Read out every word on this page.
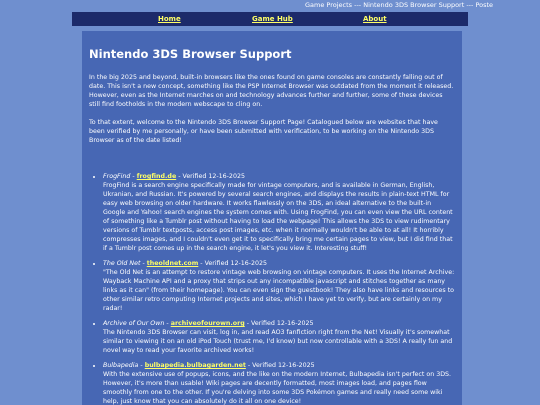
Game Projects --- Nintendo 3DS Browser Support --- Poste
Home	Game Hub	About
Nintendo 3DS Browser Support

In the big 2025 and beyond, built-in browsers like the ones found on game consoles are constantly falling out of date. This isn't a new concept, something like the PSP Internet Browser was outdated from the moment it released. However, even as the Internet marches on and technology advances further and further, some of these devices still find footholds in the modern webscape to cling on.

To that extent, welcome to the Nintendo 3DS Browser Support Page! Catalogued below are websites that have been verified by me personally, or have been submitted with verification, to be working on the Nintendo 3DS Browser as of the date listed!

• FrogFind - frogfind.de - Verified 12-16-2025
FrogFind is a search engine specifically made for vintage computers, and is available in German, English, Ukranian, and Russian. It's powered by several search engines, and displays the results in plain-text HTML for easy web browsing on older hardware. It works flawlessly on the 3DS, an ideal alternative to the built-in Google and Yahoo! search engines the system comes with. Using FrogFind, you can even view the URL content of something like a Tumblr post without having to load the webpage! This allows the 3DS to view rudimentary versions of Tumblr textposts, access post images, etc. when it normally wouldn't be able to at all! It horribly compresses images, and I couldn't even get it to specifically bring me certain pages to view, but I did find that if a Tumblr post comes up in the search engine, it let's you view it. Interesting stuff!
• The Old Net - theoldnet.com - Verified 12-16-2025
"The Old Net is an attempt to restore vintage web browsing on vintage computers. It uses the Internet Archive: Wayback Machine API and a proxy that strips out any incompatible javascript and stitches together as many links as it can" (from their homepage). You can even sign the guestbook! They also have links and resources to other similar retro computing Internet projects and sites, which I have yet to verify, but are certainly on my radar!
• Archive of Our Own - archiveofourown.org - Verified 12-16-2025
The Nintendo 3DS Browser can visit, log in, and read AO3 fanfiction right from the Net! Visually it's somewhat similar to viewing it on an old iPod Touch (trust me, I'd know) but now controllable with a 3DS! A really fun and novel way to read your favorite archived works!
• Bulbapedia - bulbapedia.bulbagarden.net - Verified 12-16-2025
With the extensive use of popups, icons, and the like on the modern Internet, Bulbapedia isn't perfect on 3DS. However, it's more than usable! Wiki pages are decently formatted, most images load, and pages flow smoothly from one to the other. If you're delving into some 3DS Pokémon games and really need some wiki help, just know that you can absolutely do it all on one device!
